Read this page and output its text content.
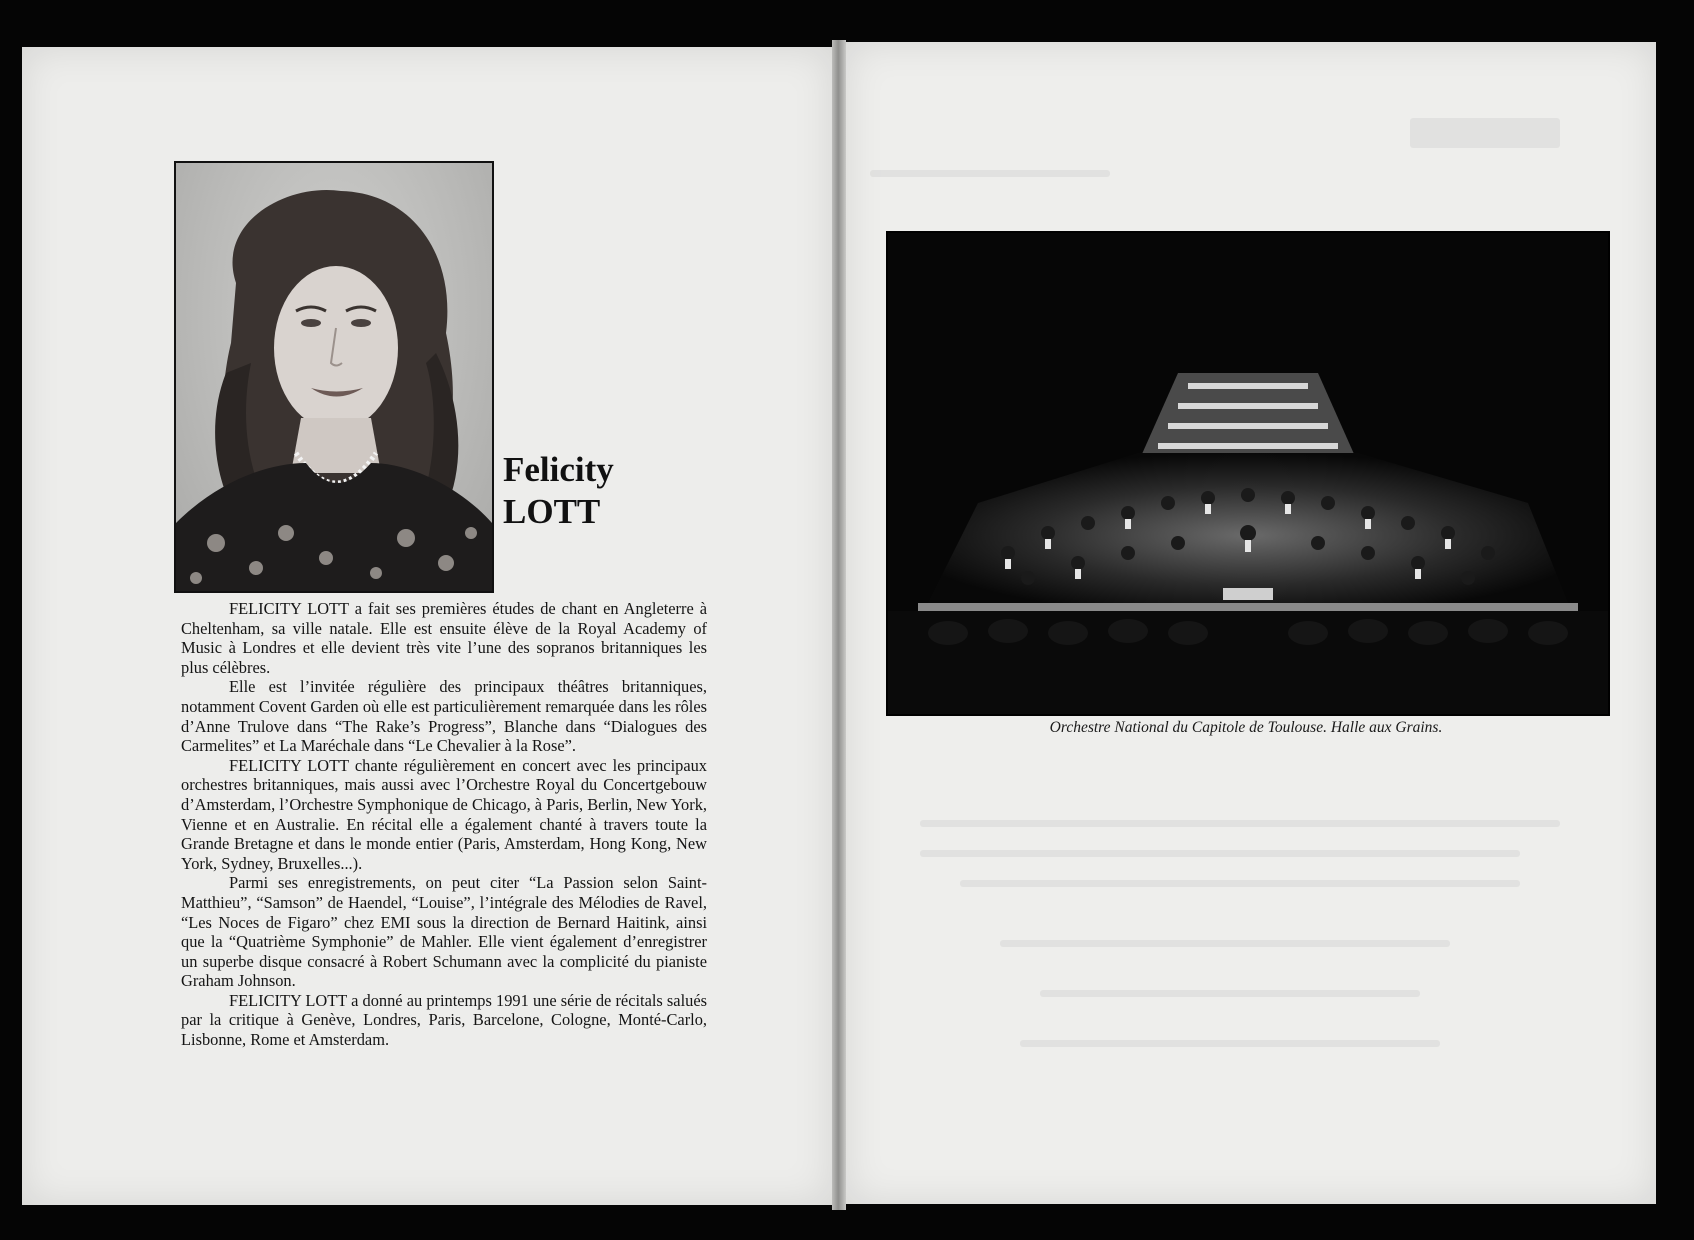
Felicity
LOTT

FELICITY LOTT a fait ses premières études de chant en Angleterre à Cheltenham, sa ville natale. Elle est ensuite élève de la Royal Academy of Music à Londres et elle devient très vite l’une des sopranos britanniques les plus célèbres.

Elle est l’invitée régulière des principaux théâtres britanniques, notamment Covent Garden où elle est particulièrement remarquée dans les rôles d’Anne Trulove dans “The Rake’s Progress”, Blanche dans “Dialogues des Carmelites” et La Maréchale dans “Le Chevalier à la Rose”.

FELICITY LOTT chante régulièrement en concert avec les principaux orchestres britanniques, mais aussi avec l’Orchestre Royal du Concertgebouw d’Amsterdam, l’Orchestre Symphonique de Chicago, à Paris, Berlin, New York, Vienne et en Australie. En récital elle a également chanté à travers toute la Grande Bretagne et dans le monde entier (Paris, Amsterdam, Hong Kong, New York, Sydney, Bruxelles...).

Parmi ses enregistrements, on peut citer “La Passion selon Saint-Matthieu”, “Samson” de Haendel, “Louise”, l’intégrale des Mélodies de Ravel, “Les Noces de Figaro” chez EMI sous la direction de Bernard Haitink, ainsi que la “Quatrième Symphonie” de Mahler. Elle vient également d’enregistrer un superbe disque consacré à Robert Schumann avec la complicité du pianiste Graham Johnson.

FELICITY LOTT a donné au printemps 1991 une série de récitals salués par la critique à Genève, Londres, Paris, Barcelone, Cologne, Monté-Carlo, Lisbonne, Rome et Amsterdam.

Orchestre National du Capitole de Toulouse. Halle aux Grains.
